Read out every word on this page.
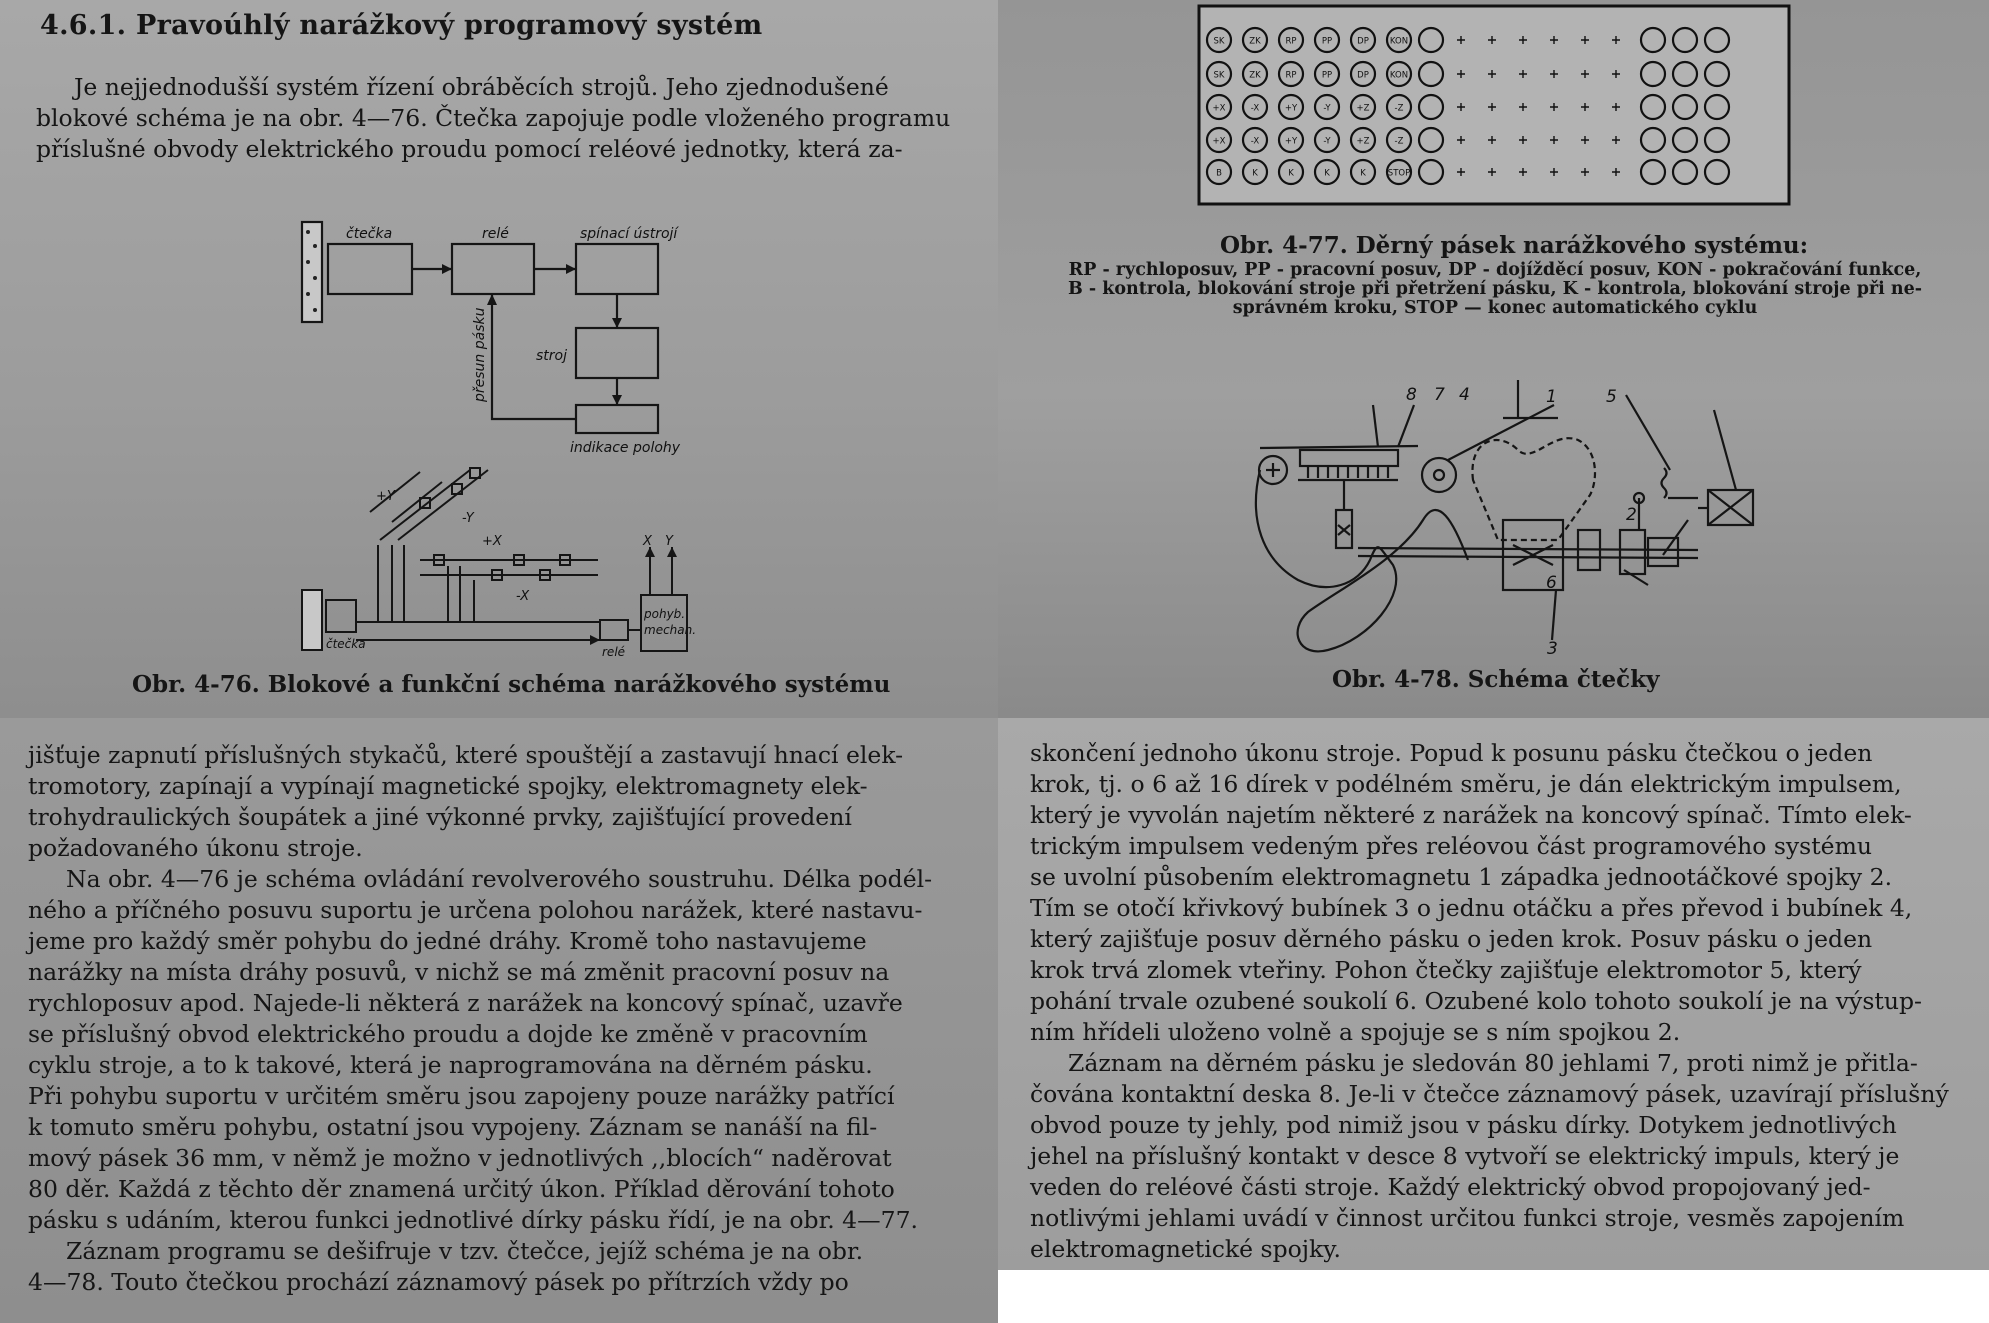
4.6.1. Pravoúhlý narážkový programový systém
Je nejjednodušší systém řízení obráběcích strojů. Jeho zjednodušené
blokové schéma je na obr. 4—76. Čtečka zapojuje podle vloženého programu
příslušné obvody elektrického proudu pomocí reléové jednotky, která za-
čtečka	relé	spínací ústrojí
stroj
indikace polohy
přesun pásku
+Y
-Y
+X
-X
X Y
pohyb.
mechan.
relé
čtečka
Obr. 4-76. Blokové a funkční schéma narážkového systému
SK	ZK	RP	PP	DP KON
SK	ZK	RP	PP	DP KON
+X	-X	+Y	-Y	+Z	-Z
+X	-X	+Y	-Y	+Z	-Z
B	K	K	K	K	STOP
Obr. 4-77. Děrný pásek narážkového systému:
RP - rychloposuv, PP - pracovní posuv, DP - dojížděcí posuv, KON - pokračování funkce,
B - kontrola, blokování stroje při přetržení pásku, K - kontrola, blokování stroje při ne-
správném kroku, STOP — konec automatického cyklu
8 7 4	1	5
2
6
3
Obr. 4-78. Schéma čtečky
jišťuje zapnutí příslušných stykačů, které spouštějí a zastavují hnací elek-
tromotory, zapínají a vypínají magnetické spojky, elektromagnety elek-
trohydraulických šoupátek a jiné výkonné prvky, zajišťující provedení
požadovaného úkonu stroje.
Na obr. 4—76 je schéma ovládání revolverového soustruhu. Délka podél-
ného a příčného posuvu suportu je určena polohou narážek, které nastavu-
jeme pro každý směr pohybu do jedné dráhy. Kromě toho nastavujeme
narážky na místa dráhy posuvů, v nichž se má změnit pracovní posuv na
rychloposuv apod. Najede-li některá z narážek na koncový spínač, uzavře
se příslušný obvod elektrického proudu a dojde ke změně v pracovním
cyklu stroje, a to k takové, která je naprogramována na děrném pásku.
Při pohybu suportu v určitém směru jsou zapojeny pouze narážky patřící
k tomuto směru pohybu, ostatní jsou vypojeny. Záznam se nanáší na fil-
mový pásek 36 mm, v němž je možno v jednotlivých ,,blocích“ naděrovat
80 děr. Každá z těchto děr znamená určitý úkon. Příklad děrování tohoto
pásku s udáním, kterou funkci jednotlivé dírky pásku řídí, je na obr. 4—77.
Záznam programu se dešifruje v tzv. čtečce, jejíž schéma je na obr.
4—78. Touto čtečkou prochází záznamový pásek po přítrzích vždy po
skončení jednoho úkonu stroje. Popud k posunu pásku čtečkou o jeden
krok, tj. o 6 až 16 dírek v podélném směru, je dán elektrickým impulsem,
který je vyvolán najetím některé z narážek na koncový spínač. Tímto elek-
trickým impulsem vedeným přes reléovou část programového systému
se uvolní působením elektromagnetu 1 západka jednootáčkové spojky 2.
Tím se otočí křivkový bubínek 3 o jednu otáčku a přes převod i bubínek 4,
který zajišťuje posuv děrného pásku o jeden krok. Posuv pásku o jeden
krok trvá zlomek vteřiny. Pohon čtečky zajišťuje elektromotor 5, který
pohání trvale ozubené soukolí 6. Ozubené kolo tohoto soukolí je na výstup-
ním hřídeli uloženo volně a spojuje se s ním spojkou 2.
Záznam na děrném pásku je sledován 80 jehlami 7, proti nimž je přitla-
čována kontaktní deska 8. Je-li v čtečce záznamový pásek, uzavírají příslušný
obvod pouze ty jehly, pod nimiž jsou v pásku dírky. Dotykem jednotlivých
jehel na příslušný kontakt v desce 8 vytvoří se elektrický impuls, který je
veden do reléové části stroje. Každý elektrický obvod propojovaný jed-
notlivými jehlami uvádí v činnost určitou funkci stroje, vesměs zapojením
elektromagnetické spojky.
